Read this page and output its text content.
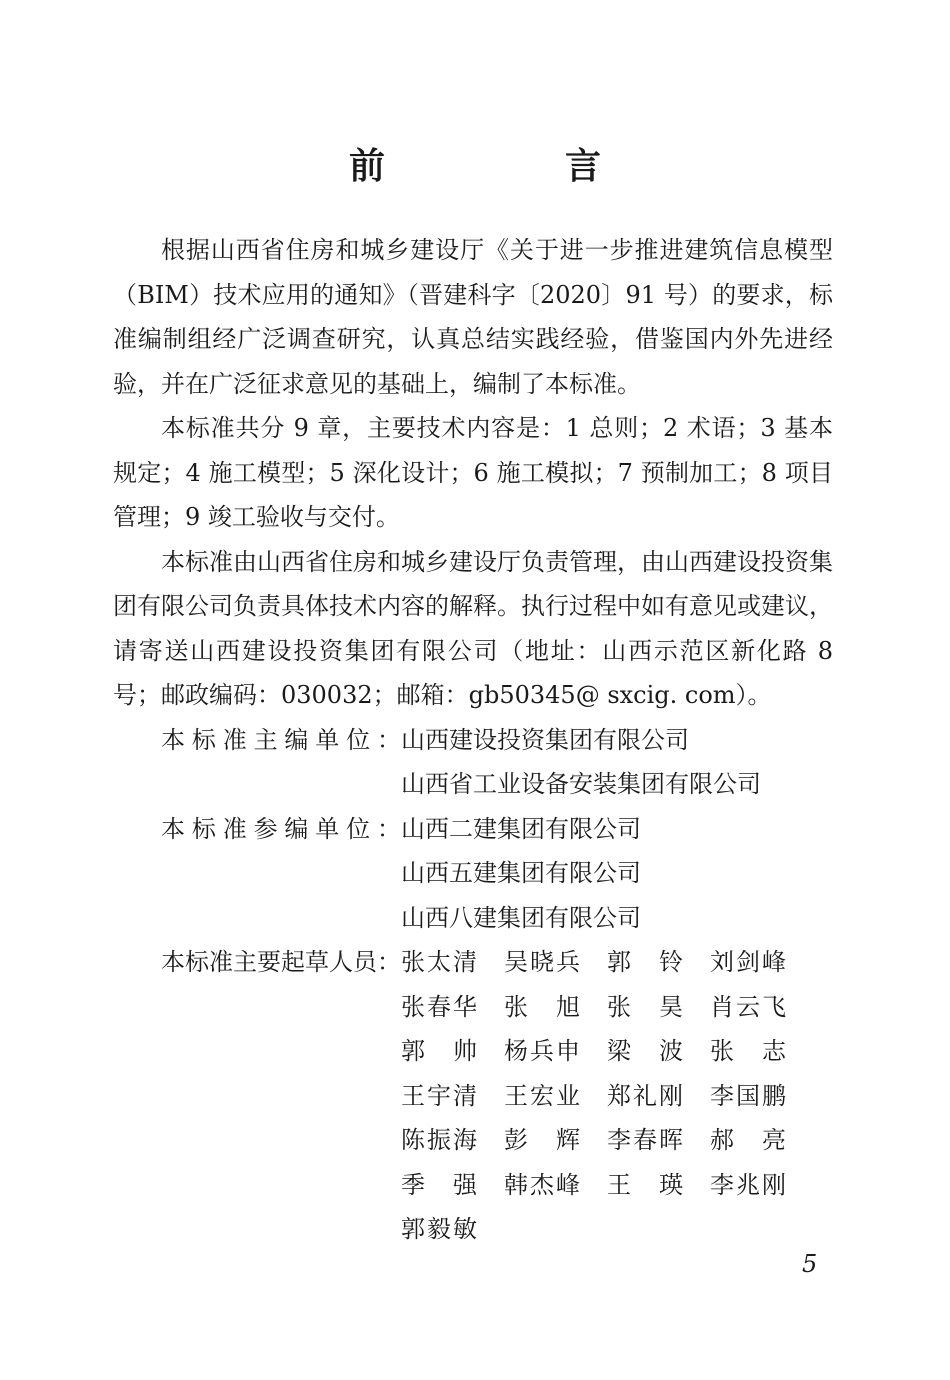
前　言

根据山西省住房和城乡建设厅《关于进一步推进建筑信息模型（BIM）技术应用的通知》（晋建科字〔2020〕91 号）的要求，标准编制组经广泛调查研究，认真总结实践经验，借鉴国内外先进经验，并在广泛征求意见的基础上，编制了本标准。

本标准共分 9 章，主要技术内容是：1 总则；2 术语；3 基本规定；4 施工模型；5 深化设计；6 施工模拟；7 预制加工；8 项目管理；9 竣工验收与交付。

本标准由山西省住房和城乡建设厅负责管理，由山西建设投资集团有限公司负责具体技术内容的解释。执行过程中如有意见或建议，请寄送山西建设投资集团有限公司（地址：山西示范区新化路 8 号；邮政编码：030032；邮箱：gb50345@ sxcig. com）。

本标准主编单位： 山西建设投资集团有限公司
山西省工业设备安装集团有限公司
本标准参编单位： 山西二建集团有限公司
山西五建集团有限公司
山西八建集团有限公司
本标准主要起草人员： 张太清 吴晓兵 郭铃 刘剑峰
张春华 张旭 张昊 肖云飞
郭帅 杨兵申 梁波 张志
王宇清 王宏业 郑礼刚 李国鹏
陈振海 彭辉 李春晖 郝亮
季强 韩杰峰 王瑛 李兆刚
郭毅敏
5
